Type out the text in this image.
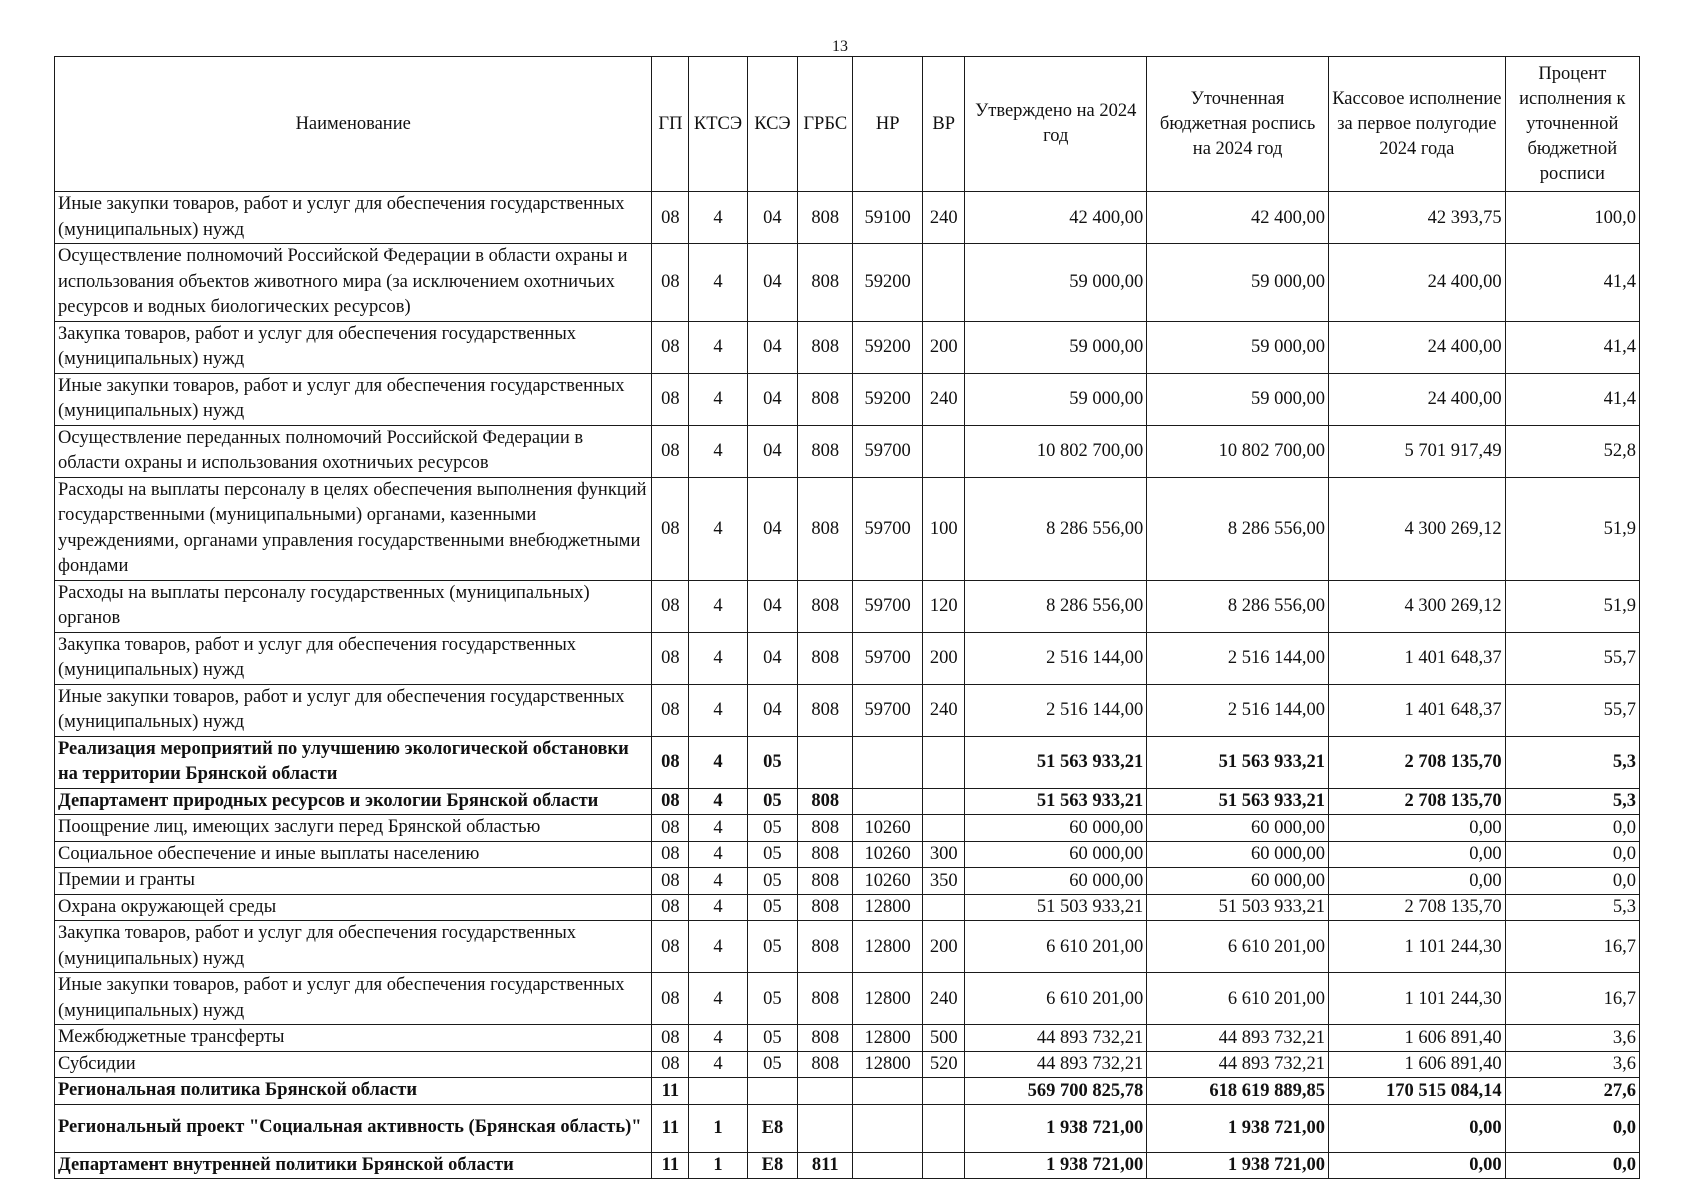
13
Наименование	ГП	КТСЭ	КСЭ	ГРБС	НР	ВР	Утверждено на 2024 год	Уточненная бюджетная роспись на 2024 год	Кассовое исполнение за первое полугодие 2024 года	Процент исполнения к уточненной бюджетной росписи
Иные закупки товаров, работ и услуг для обеспечения государственных (муниципальных) нужд	08	4	04	808	59100	240	42 400,00	42 400,00	42 393,75	100,0
Осуществление полномочий Российской Федерации в области охраны и использования объектов животного мира (за исключением охотничьих ресурсов и водных биологических ресурсов)	08	4	04	808	59200		59 000,00	59 000,00	24 400,00	41,4
Закупка товаров, работ и услуг для обеспечения государственных (муниципальных) нужд	08	4	04	808	59200	200	59 000,00	59 000,00	24 400,00	41,4
Иные закупки товаров, работ и услуг для обеспечения государственных (муниципальных) нужд	08	4	04	808	59200	240	59 000,00	59 000,00	24 400,00	41,4
Осуществление переданных полномочий Российской Федерации в области охраны и использования охотничьих ресурсов	08	4	04	808	59700		10 802 700,00	10 802 700,00	5 701 917,49	52,8
Расходы на выплаты персоналу в целях обеспечения выполнения функций государственными (муниципальными) органами, казенными учреждениями, органами управления государственными внебюджетными фондами	08	4	04	808	59700	100	8 286 556,00	8 286 556,00	4 300 269,12	51,9
Расходы на выплаты персоналу государственных (муниципальных) органов	08	4	04	808	59700	120	8 286 556,00	8 286 556,00	4 300 269,12	51,9
Закупка товаров, работ и услуг для обеспечения государственных (муниципальных) нужд	08	4	04	808	59700	200	2 516 144,00	2 516 144,00	1 401 648,37	55,7
Иные закупки товаров, работ и услуг для обеспечения государственных (муниципальных) нужд	08	4	04	808	59700	240	2 516 144,00	2 516 144,00	1 401 648,37	55,7
Реализация мероприятий по улучшению экологической обстановки на территории Брянской области	08	4	05				51 563 933,21	51 563 933,21	2 708 135,70	5,3
Департамент природных ресурсов и экологии Брянской области	08	4	05	808			51 563 933,21	51 563 933,21	2 708 135,70	5,3
Поощрение лиц, имеющих заслуги перед Брянской областью	08	4	05	808	10260		60 000,00	60 000,00	0,00	0,0
Социальное обеспечение и иные выплаты населению	08	4	05	808	10260	300	60 000,00	60 000,00	0,00	0,0
Премии и гранты	08	4	05	808	10260	350	60 000,00	60 000,00	0,00	0,0
Охрана окружающей среды	08	4	05	808	12800		51 503 933,21	51 503 933,21	2 708 135,70	5,3
Закупка товаров, работ и услуг для обеспечения государственных (муниципальных) нужд	08	4	05	808	12800	200	6 610 201,00	6 610 201,00	1 101 244,30	16,7
Иные закупки товаров, работ и услуг для обеспечения государственных (муниципальных) нужд	08	4	05	808	12800	240	6 610 201,00	6 610 201,00	1 101 244,30	16,7
Межбюджетные трансферты	08	4	05	808	12800	500	44 893 732,21	44 893 732,21	1 606 891,40	3,6
Субсидии	08	4	05	808	12800	520	44 893 732,21	44 893 732,21	1 606 891,40	3,6
Региональная политика Брянской области	11						569 700 825,78	618 619 889,85	170 515 084,14	27,6
Региональный проект "Социальная активность (Брянская область)"	11	1	E8				1 938 721,00	1 938 721,00	0,00	0,0
Департамент внутренней политики Брянской области	11	1	E8	811			1 938 721,00	1 938 721,00	0,00	0,0
